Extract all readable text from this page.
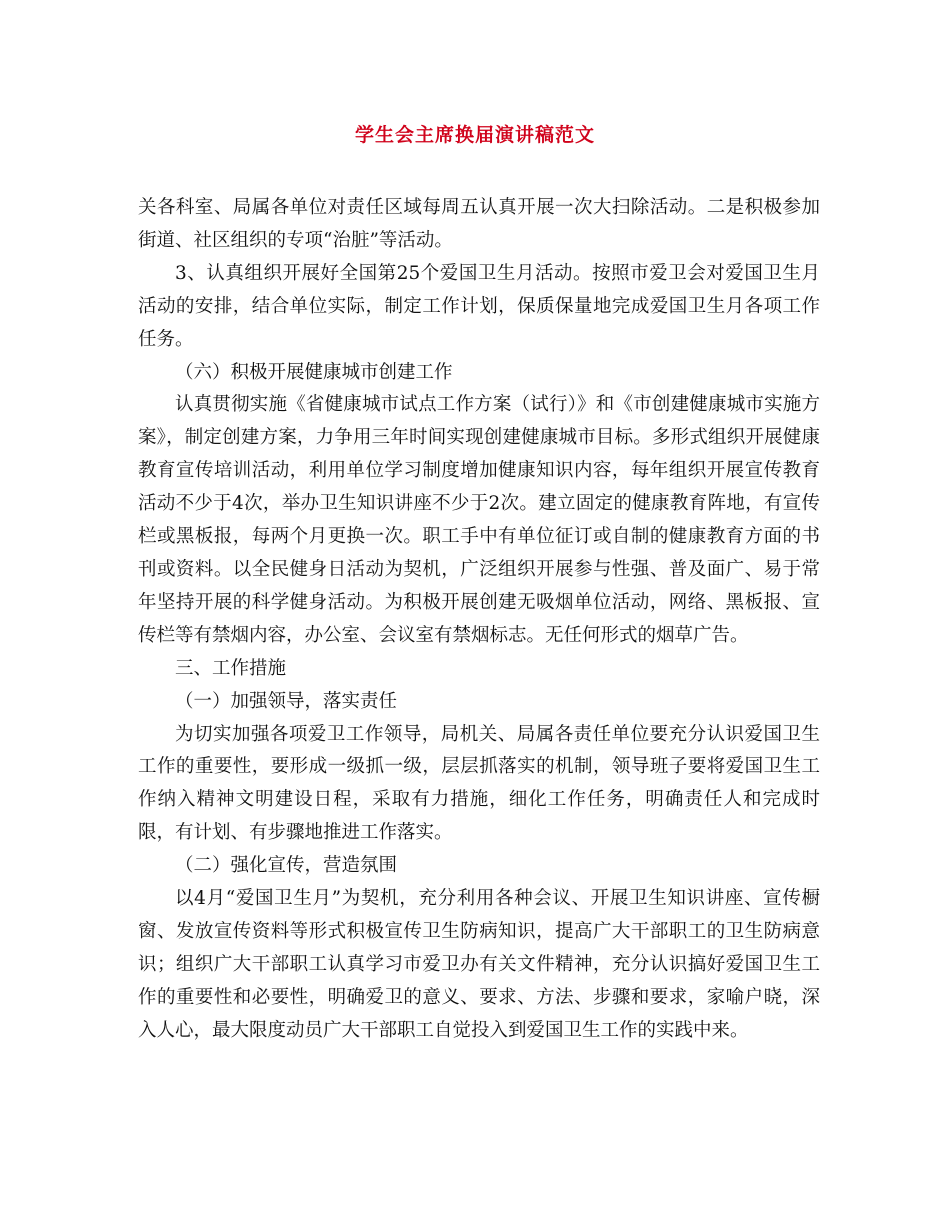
学生会主席换届演讲稿范文

关各科室、局属各单位对责任区域每周五认真开展一次大扫除活动。二是积极参加街道、社区组织的专项“治脏”等活动。

3、认真组织开展好全国第25个爱国卫生月活动。按照市爱卫会对爱国卫生月活动的安排，结合单位实际，制定工作计划，保质保量地完成爱国卫生月各项工作任务。

（六）积极开展健康城市创建工作

认真贯彻实施《省健康城市试点工作方案（试行）》和《市创建健康城市实施方案》，制定创建方案，力争用三年时间实现创建健康城市目标。多形式组织开展健康教育宣传培训活动，利用单位学习制度增加健康知识内容，每年组织开展宣传教育活动不少于4次，举办卫生知识讲座不少于2次。建立固定的健康教育阵地，有宣传栏或黑板报，每两个月更换一次。职工手中有单位征订或自制的健康教育方面的书刊或资料。以全民健身日活动为契机，广泛组织开展参与性强、普及面广、易于常年坚持开展的科学健身活动。为积极开展创建无吸烟单位活动，网络、黑板报、宣传栏等有禁烟内容，办公室、会议室有禁烟标志。无任何形式的烟草广告。

三、工作措施

（一）加强领导，落实责任

为切实加强各项爱卫工作领导，局机关、局属各责任单位要充分认识爱国卫生工作的重要性，要形成一级抓一级，层层抓落实的机制，领导班子要将爱国卫生工作纳入精神文明建设日程，采取有力措施，细化工作任务，明确责任人和完成时限，有计划、有步骤地推进工作落实。

（二）强化宣传，营造氛围

以4月“爱国卫生月”为契机，充分利用各种会议、开展卫生知识讲座、宣传橱窗、发放宣传资料等形式积极宣传卫生防病知识，提高广大干部职工的卫生防病意识；组织广大干部职工认真学习市爱卫办有关文件精神，充分认识搞好爱国卫生工作的重要性和必要性，明确爱卫的意义、要求、方法、步骤和要求，家喻户晓，深入人心，最大限度动员广大干部职工自觉投入到爱国卫生工作的实践中来。
